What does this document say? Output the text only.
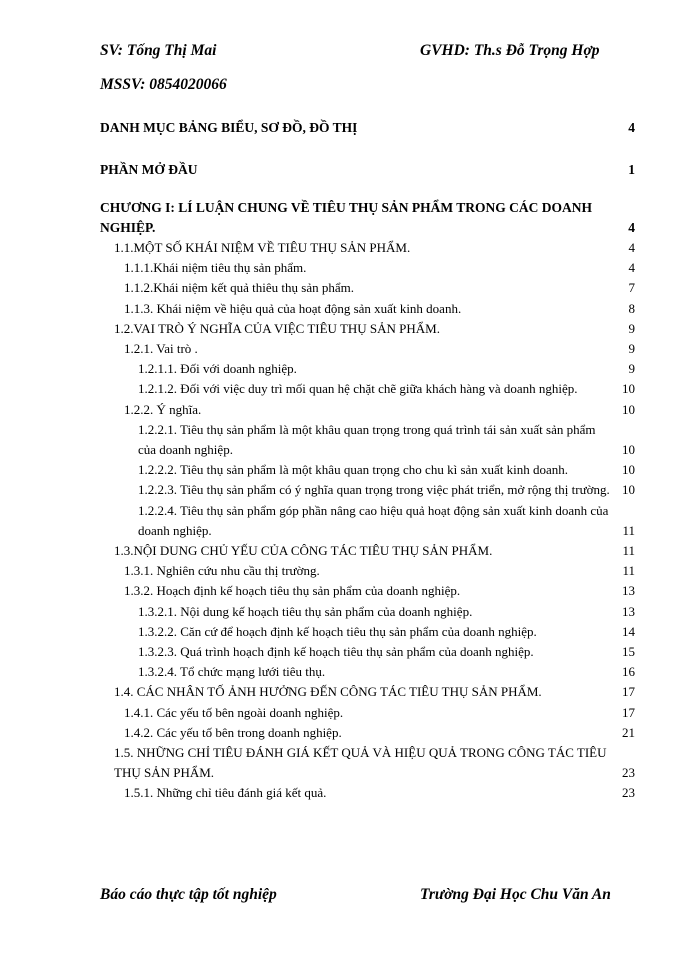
SV: Tống Thị Mai	GVHD: Th.s Đỗ Trọng Hợp
MSSV: 0854020066
DANH MỤC BẢNG BIỂU, SƠ ĐỒ, ĐỒ THỊ	4
PHẦN MỞ ĐẦU	1
CHƯƠNG I: LÍ LUẬN CHUNG VỀ TIÊU THỤ SẢN PHẨM TRONG CÁC DOANH NGHIỆP.	4
1.1.MỘT SỐ KHÁI NIỆM VỀ TIÊU THỤ SẢN PHẨM.	4
1.1.1.Khái niệm tiêu thụ sản phẩm.	4
1.1.2.Khái niệm kết quả thiêu thụ sản phẩm.	7
1.1.3. Khái niệm về hiệu quả của hoạt động sản xuất kinh doanh.	8
1.2.VAI TRÒ Ý NGHĨA CỦA VIỆC TIÊU THỤ SẢN PHẨM.	9
1.2.1. Vai trò .	9
1.2.1.1. Đối với doanh nghiệp.	9
1.2.1.2. Đối với việc duy trì mối quan hệ chặt chẽ giữa khách hàng và doanh nghiệp.	10
1.2.2. Ý nghĩa.	10
1.2.2.1. Tiêu thụ sản phẩm là một khâu quan trọng trong quá trình tái sản xuất sản phẩm của doanh nghiệp.	10
1.2.2.2. Tiêu thụ sản phẩm là một khâu quan trọng cho chu kì sản xuất kinh doanh.	10
1.2.2.3. Tiêu thụ sản phẩm có ý nghĩa quan trọng trong việc phát triển, mở rộng thị trường. 10
1.2.2.4. Tiêu thụ sản phẩm góp phần nâng cao hiệu quả hoạt động sản xuất kinh doanh của doanh nghiệp.	11
1.3.NỘI DUNG CHỦ YẾU CỦA CÔNG TÁC TIÊU THỤ SẢN PHẨM.	11
1.3.1. Nghiên cứu nhu cầu thị trường.	11
1.3.2. Hoạch định kế hoạch tiêu thụ sản phẩm của doanh nghiệp.	13
1.3.2.1. Nội dung kế hoạch tiêu thụ sản phẩm của doanh nghiệp.	13
1.3.2.2. Căn cứ để hoạch định kế hoạch tiêu thụ sản phẩm của doanh nghiệp.	14
1.3.2.3. Quá trình hoạch định kế hoạch tiêu thụ sản phẩm của doanh nghiệp.	15
1.3.2.4. Tổ chức mạng lưới tiêu thụ.	16
1.4. CÁC NHÂN TỐ ẢNH HƯỞNG ĐẾN CÔNG TÁC TIÊU THỤ SẢN PHẨM.	17
1.4.1. Các yếu tố bên ngoài doanh nghiệp.	17
1.4.2. Các yếu tố bên trong doanh nghiệp.	21
1.5. NHỮNG CHỈ TIÊU ĐÁNH GIÁ KẾT QUẢ VÀ HIỆU QUẢ TRONG CÔNG TÁC TIÊU THỤ SẢN PHẨM.	23
1.5.1. Những chỉ tiêu đánh giá kết quả.	23
Báo cáo thực tập tốt nghiệp	Trường Đại Học Chu Văn An
